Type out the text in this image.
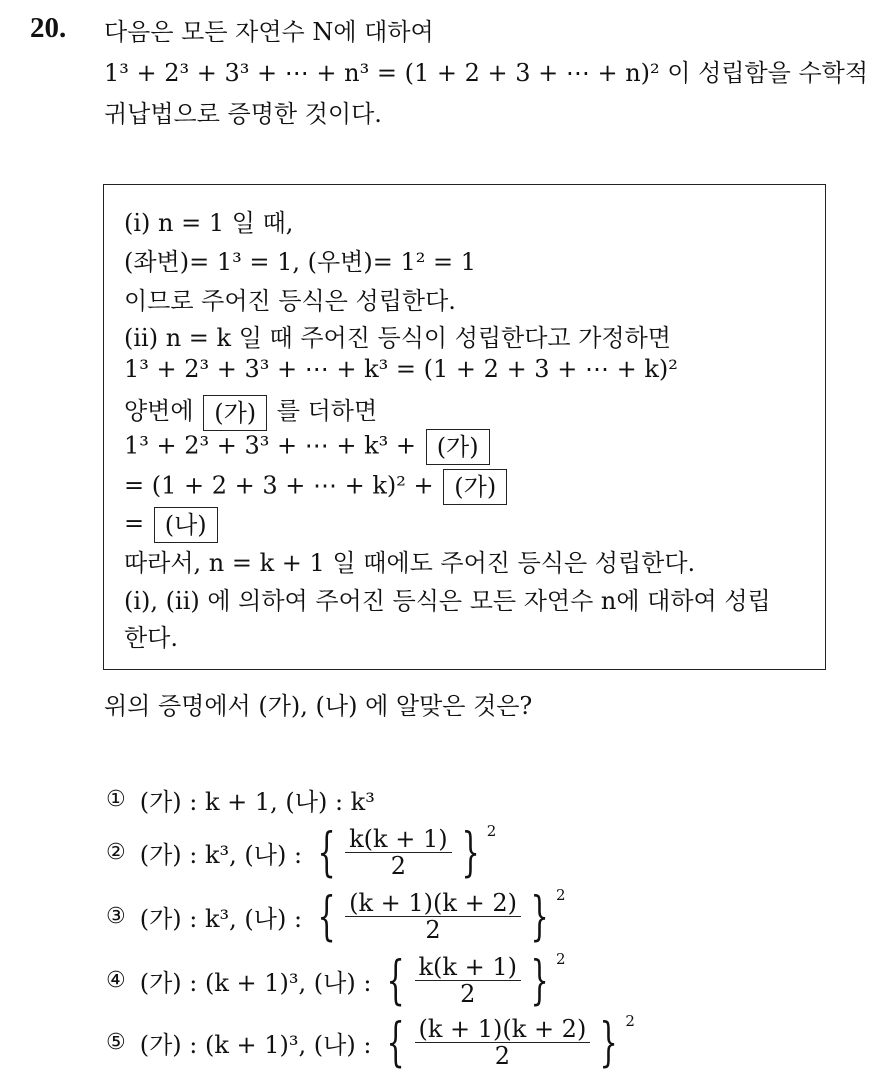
20. 다음은 모든 자연수 N에 대하여
1³ + 2³ + 3³ + ⋯ + n³ = (1 + 2 + 3 + ⋯ + n)² 이 성립함을 수학적
귀납법으로 증명한 것이다.
(i) n = 1 일 때,
(좌변)= 1³ = 1, (우변)= 1² = 1
이므로 주어진 등식은 성립한다.
(ii) n = k 일 때 주어진 등식이 성립한다고 가정하면
1³ + 2³ + 3³ + ⋯ + k³ = (1 + 2 + 3 + ⋯ + k)²
양변에 (가) 를 더하면
1³ + 2³ + 3³ + ⋯ + k³ + (가)
= (1 + 2 + 3 + ⋯ + k)² + (가)
= (나)
따라서, n = k + 1 일 때에도 주어진 등식은 성립한다.
(i), (ii) 에 의하여 주어진 등식은 모든 자연수 n에 대하여 성립
한다.
위의 증명에서 (가), (나) 에 알맞은 것은?
① (가) : k + 1, (나) : k³
② (가) : k³, (나) : { $\frac{k(k + 1)}{2}$ } 2
③ (가) : k³, (나) : { $\frac{(k + 1)(k + 2)}{2}$ } 2
④ (가) : (k + 1)³, (나) : { $\frac{k(k + 1)}{2}$ } 2
⑤ (가) : (k + 1)³, (나) : { $\frac{(k + 1)(k + 2)}{2}$ } 2
